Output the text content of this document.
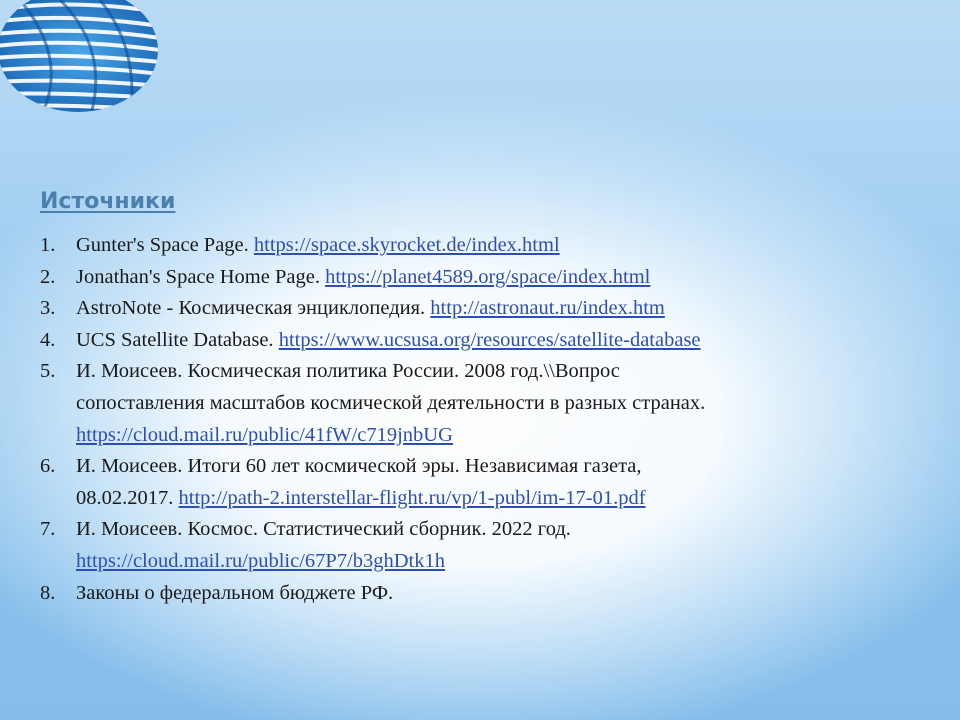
Источники
1. Gunter's Space Page. https://space.skyrocket.de/index.html
2. Jonathan's Space Home Page. https://planet4589.org/space/index.html
3. AstroNote - Космическая энциклопедия. http://astronaut.ru/index.htm
4. UCS Satellite Database. https://www.ucsusa.org/resources/satellite-database
5. И. Моисеев. Космическая политика России. 2008 год.\\Вопрос
сопоставления масштабов космической деятельности в разных странах.
https://cloud.mail.ru/public/41fW/c719jnbUG
6. И. Моисеев. Итоги 60 лет космической эры. Независимая газета,
08.02.2017. http://path-2.interstellar-flight.ru/vp/1-publ/im-17-01.pdf
7. И. Моисеев. Космос. Статистический сборник. 2022 год.
https://cloud.mail.ru/public/67P7/b3ghDtk1h
8. Законы о федеральном бюджете РФ.
